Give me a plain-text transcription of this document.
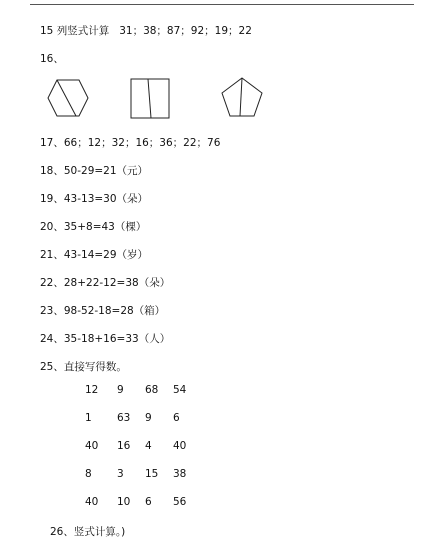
15 列竖式计算   31；38；87；92；19；22
16、
17、66；12；32；16；36；22；76
18、50-29=21（元）
19、43-13=30（朵）
20、35+8=43（棵）
21、43-14=29（岁）
22、28+22-12=38（朵）
23、98-52-18=28（箱）
24、35-18+16=33（人）
25、直接写得数。
12 9 68 54
1 63 9 6
40 16 4 40
8 3 15 38
40 10 6 56
26、竖式计算。)
